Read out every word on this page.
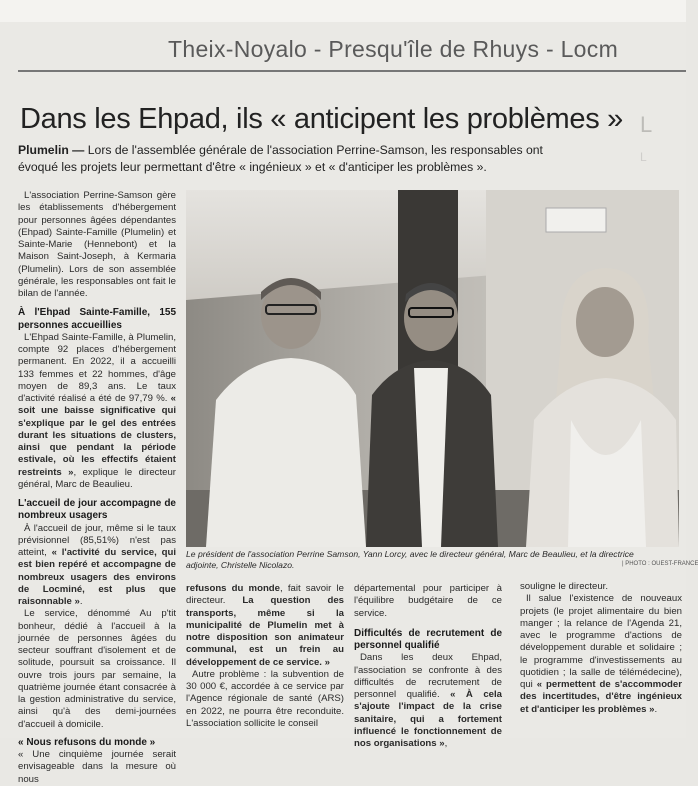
Theix-Noyalo - Presqu'île de Rhuys - Locm
L
L
Dans les Ehpad, ils « anticipent les problèmes »
Plumelin — Lors de l'assemblée générale de l'association Perrine-Samson, les responsables ont évoqué les projets leur permettant d'être « ingénieux » et « d'anticiper les problèmes ».

L'association Perrine-Samson gère les établissements d'hébergement pour personnes âgées dépendantes (Ehpad) Sainte-Famille (Plumelin) et Sainte-Marie (Hennebont) et la Maison Saint-Joseph, à Kermaria (Plumelin). Lors de son assemblée générale, les responsables ont fait le bilan de l'année.

À l'Ehpad Sainte-Famille, 155 personnes accueillies

L'Ehpad Sainte-Famille, à Plumelin, compte 92 places d'hébergement permanent. En 2022, il a accueilli 133 femmes et 22 hommes, d'âge moyen de 89,3 ans. Le taux d'activité réalisé a été de 97,79 %. « soit une baisse significative qui s'explique par le gel des entrées durant les situations de clusters, ainsi que pendant la période estivale, où les effectifs étaient restreints », explique le directeur général, Marc de Beaulieu.

L'accueil de jour accompagne de nombreux usagers

À l'accueil de jour, même si le taux prévisionnel (85,51%) n'est pas atteint, « l'activité du service, qui est bien repéré et accompagne de nombreux usagers des environs de Locminé, est plus que raisonnable ».

Le service, dénommé Au p'tit bonheur, dédié à l'accueil à la journée de personnes âgées du secteur souffrant d'isolement et de solitude, poursuit sa croissance. Il ouvre trois jours par semaine, la quatrième journée étant consacrée à la gestion administrative du service, ainsi qu'à des demi-journées d'accueil à domicile.

« Nous refusons du monde »

« Une cinquième journée serait envisageable dans la mesure où nous

Le président de l'association Perrine Samson, Yann Lorcy, avec le directeur général, Marc de Beaulieu, et la directrice adjointe, Christelle Nicolazo.	| PHOTO : OUEST-FRANCE

refusons du monde, fait savoir le directeur. La question des transports, même si la municipalité de Plumelin met à notre disposition son animateur communal, est un frein au développement de ce service. »

Autre problème : la subvention de 30 000 €, accordée à ce service par l'Agence régionale de santé (ARS) en 2022, ne pourra être reconduite. L'association sollicite le conseil

départemental pour participer à l'équilibre budgétaire de ce service.

Difficultés de recrutement de personnel qualifié

Dans les deux Ehpad, l'association se confronte à des difficultés de recrutement de personnel qualifié. « À cela s'ajoute l'impact de la crise sanitaire, qui a fortement influencé le fonctionnement de nos organisations »,

souligne le directeur.

Il salue l'existence de nouveaux projets (le projet alimentaire du bien manger ; la relance de l'Agenda 21, avec le programme d'actions de développement durable et solidaire ; le programme d'investissements au quotidien ; la salle de télémédecine), qui « permettent de s'accommoder des incertitudes, d'être ingénieux et d'anticiper les problèmes ».
